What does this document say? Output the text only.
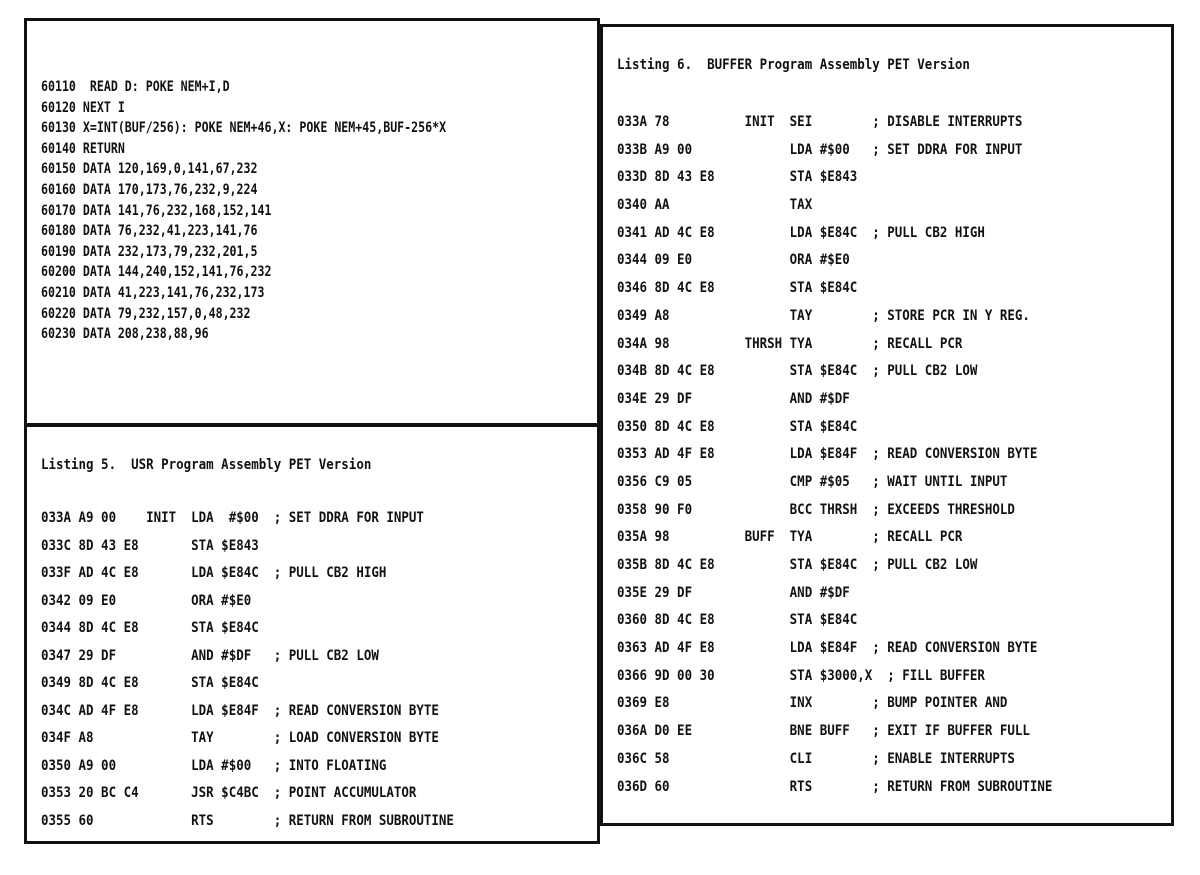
60110  READ D: POKE NEM+I,D
60120 NEXT I
60130 X=INT(BUF/256): POKE NEM+46,X: POKE NEM+45,BUF-256*X
60140 RETURN
60150 DATA 120,169,0,141,67,232
60160 DATA 170,173,76,232,9,224
60170 DATA 141,76,232,168,152,141
60180 DATA 76,232,41,223,141,76
60190 DATA 232,173,79,232,201,5
60200 DATA 144,240,152,141,76,232
60210 DATA 41,223,141,76,232,173
60220 DATA 79,232,157,0,48,232
60230 DATA 208,238,88,96
Listing 5.  USR Program Assembly PET Version
033A A9 00    INIT  LDA  #$00  ; SET DDRA FOR INPUT
033C 8D 43 E8       STA $E843
033F AD 4C E8       LDA $E84C  ; PULL CB2 HIGH
0342 09 E0          ORA #$E0
0344 8D 4C E8       STA $E84C
0347 29 DF          AND #$DF   ; PULL CB2 LOW
0349 8D 4C E8       STA $E84C
034C AD 4F E8       LDA $E84F  ; READ CONVERSION BYTE
034F A8             TAY        ; LOAD CONVERSION BYTE
0350 A9 00          LDA #$00   ; INTO FLOATING
0353 20 BC C4       JSR $C4BC  ; POINT ACCUMULATOR
0355 60             RTS        ; RETURN FROM SUBROUTINE
Listing 6.  BUFFER Program Assembly PET Version
033A 78          INIT  SEI        ; DISABLE INTERRUPTS
033B A9 00             LDA #$00   ; SET DDRA FOR INPUT
033D 8D 43 E8          STA $E843
0340 AA                TAX
0341 AD 4C E8          LDA $E84C  ; PULL CB2 HIGH
0344 09 E0             ORA #$E0
0346 8D 4C E8          STA $E84C
0349 A8                TAY        ; STORE PCR IN Y REG.
034A 98          THRSH TYA        ; RECALL PCR
034B 8D 4C E8          STA $E84C  ; PULL CB2 LOW
034E 29 DF             AND #$DF
0350 8D 4C E8          STA $E84C
0353 AD 4F E8          LDA $E84F  ; READ CONVERSION BYTE
0356 C9 05             CMP #$05   ; WAIT UNTIL INPUT
0358 90 F0             BCC THRSH  ; EXCEEDS THRESHOLD
035A 98          BUFF  TYA        ; RECALL PCR
035B 8D 4C E8          STA $E84C  ; PULL CB2 LOW
035E 29 DF             AND #$DF
0360 8D 4C E8          STA $E84C
0363 AD 4F E8          LDA $E84F  ; READ CONVERSION BYTE
0366 9D 00 30          STA $3000,X  ; FILL BUFFER
0369 E8                INX        ; BUMP POINTER AND
036A D0 EE             BNE BUFF   ; EXIT IF BUFFER FULL
036C 58                CLI        ; ENABLE INTERRUPTS
036D 60                RTS        ; RETURN FROM SUBROUTINE
